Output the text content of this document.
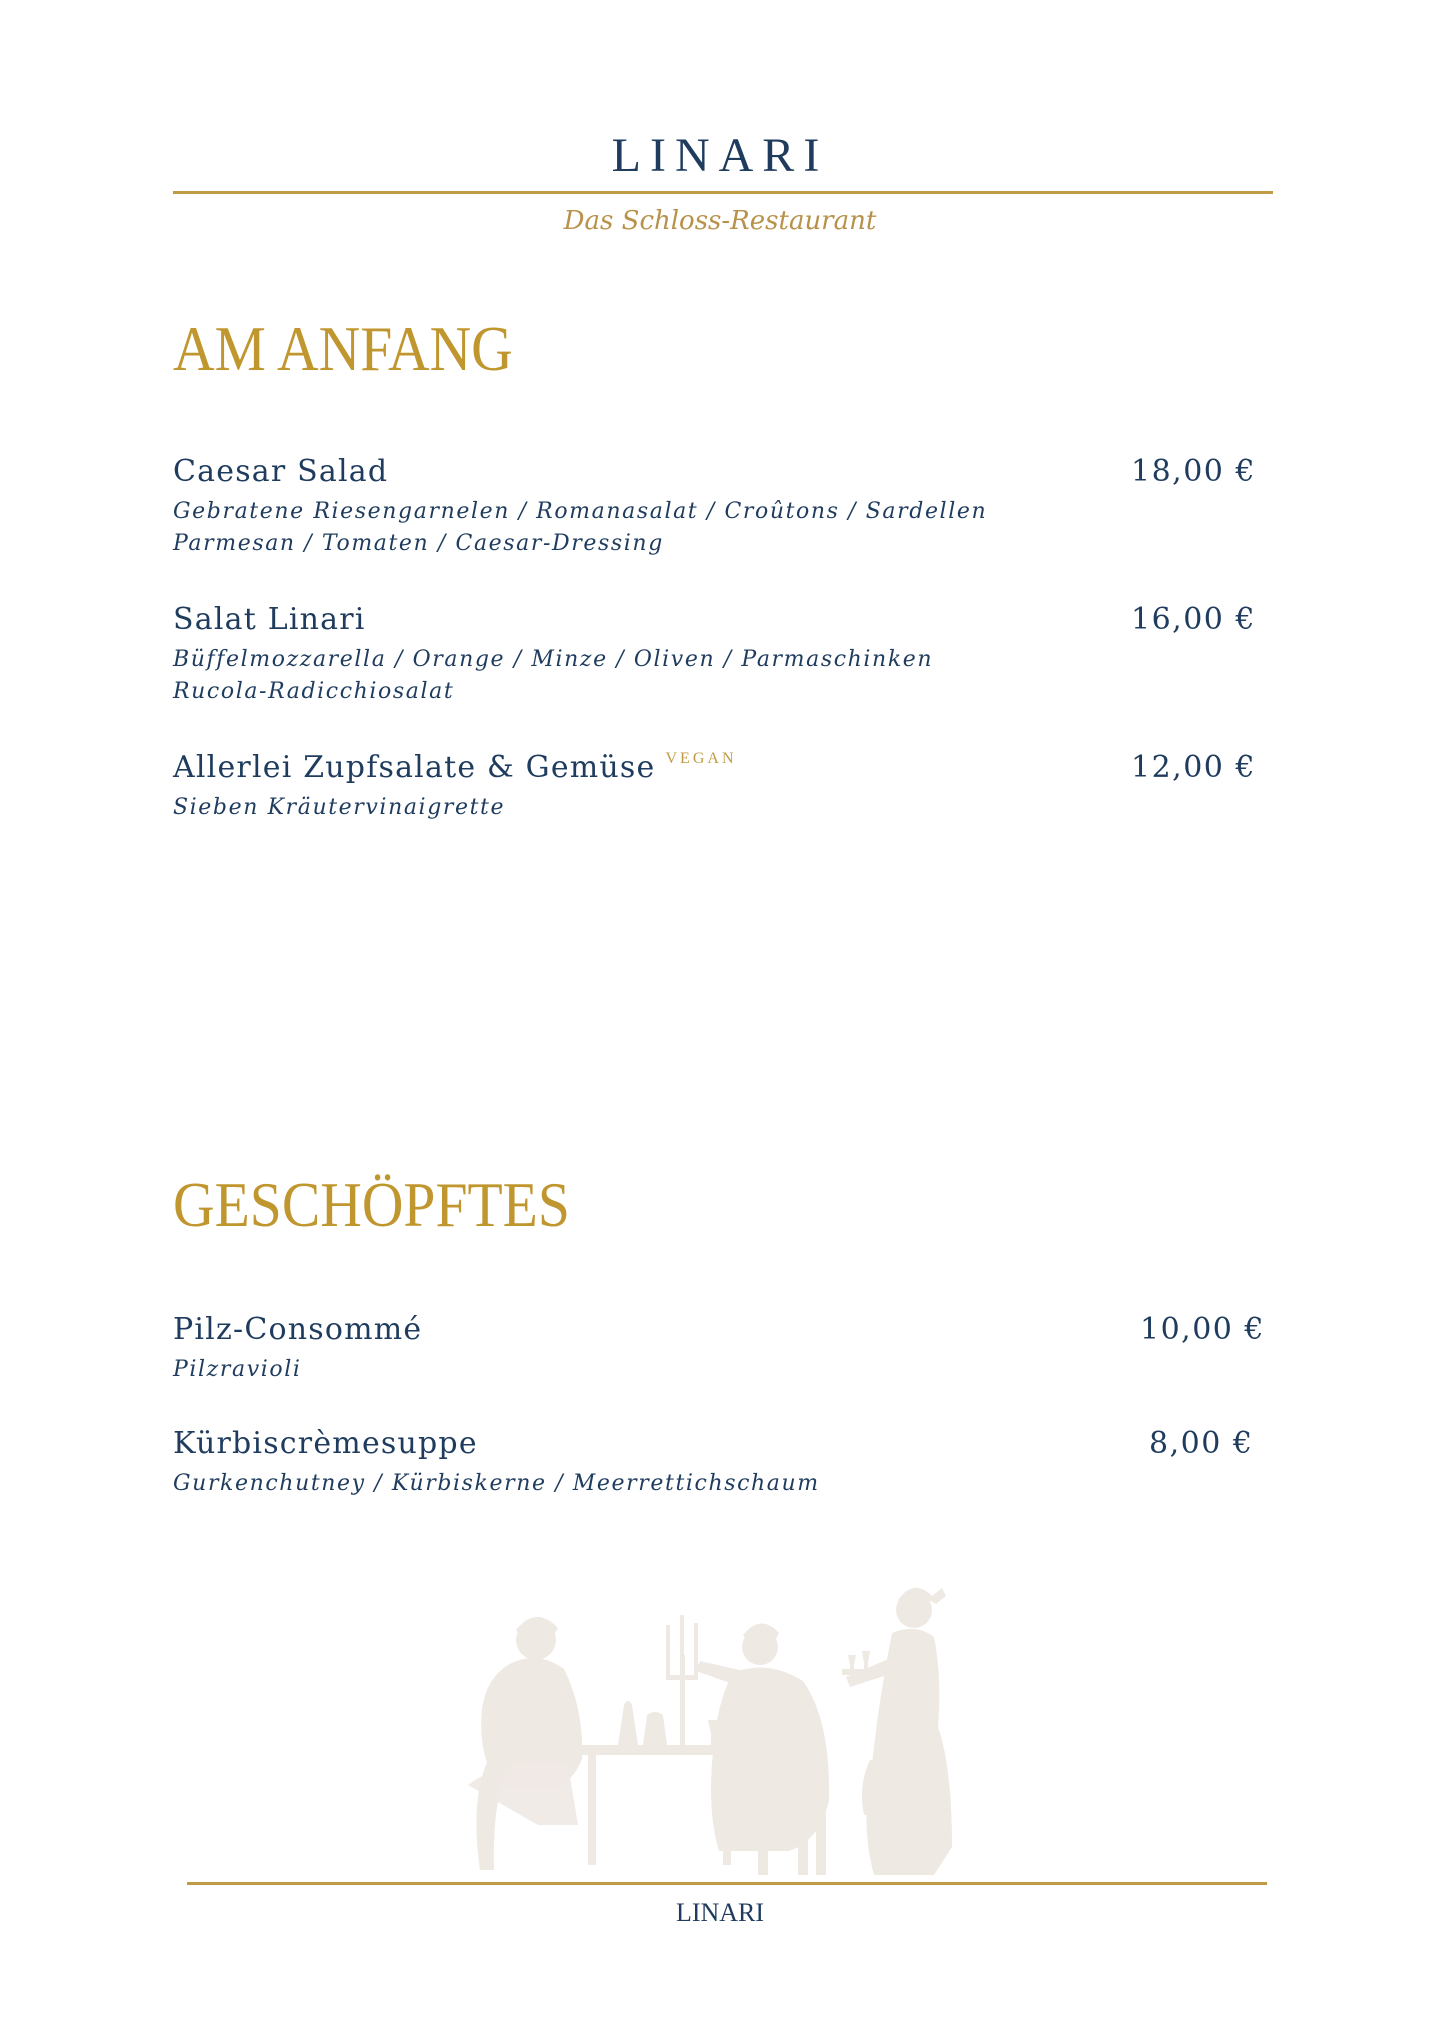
LINARI
Das Schloss-Restaurant
AM ANFANG
Caesar Salad	18,00 €

Gebratene Riesengarnelen / Romanasalat / Croûtons / Sardellen
Parmesan / Tomaten / Caesar-Dressing

Salat Linari	16,00 €

Büffelmozzarella / Orange / Minze / Oliven / Parmaschinken
Rucola-Radicchiosalat

Allerlei Zupfsalate & Gemüse $^{VEGAN}$	12,00 €

Sieben Kräutervinaigrette

GESCHÖPFTES
Pilz-Consommé	10,00 €

Pilzravioli

Kürbiscrèmesuppe	8,00 €

Gurkenchutney / Kürbiskerne / Meerrettichschaum

LINARI
